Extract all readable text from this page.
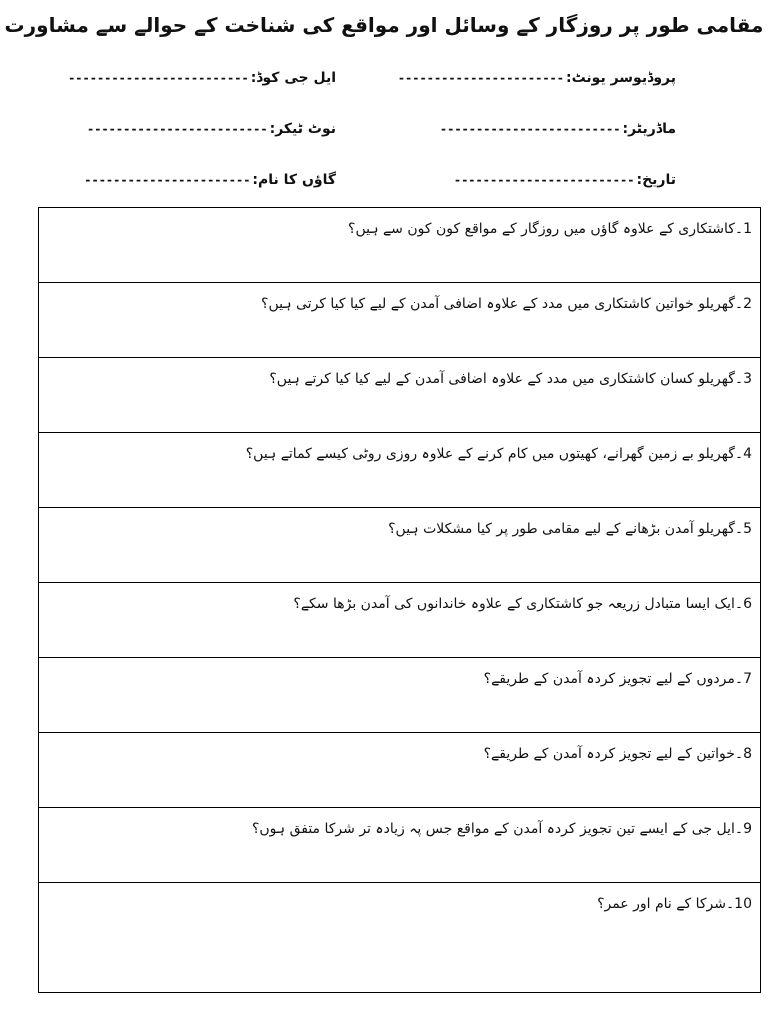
مقامی طور پر روزگار کے وسائل اور مواقع کی شناخت کے حوالے سے مشاورت
پروڈیوسر یونٹ:
-----------------------
ایل جی کوڈ:
-------------------------
ماڈریٹر:
-------------------------
نوٹ ٹیکر:
-------------------------
تاریخ:
-------------------------
گاؤں کا نام:
-----------------------
1۔کاشتکاری کے علاوہ گاؤں میں روزگار کے مواقع کون کون سے ہیں؟
2۔گھریلو خواتین کاشتکاری میں مدد کے علاوہ اضافی آمدن کے لیے کیا کیا کرتی ہیں؟
3۔گھریلو کسان کاشتکاری میں مدد کے علاوہ اضافی آمدن کے لیے کیا کیا کرتے ہیں؟
4۔گھریلو بے زمین گھرانے، کھیتوں میں کام کرنے کے علاوہ روزی روٹی کیسے کماتے ہیں؟
5۔گھریلو آمدن بڑھانے کے لیے مقامی طور پر کیا مشکلات ہیں؟
6۔ایک ایسا متبادل زریعہ جو کاشتکاری کے علاوہ خاندانوں کی آمدن بڑھا سکے؟
7۔مردوں کے لیے تجویز کردہ آمدن کے طریقے؟
8۔خواتین کے لیے تجویز کردہ آمدن کے طریقے؟
9۔ایل جی کے ایسے تین تجویز کردہ آمدن کے مواقع جس پہ زیادہ تر شرکا متفق ہوں؟
10۔شرکا کے نام اور عمر؟
